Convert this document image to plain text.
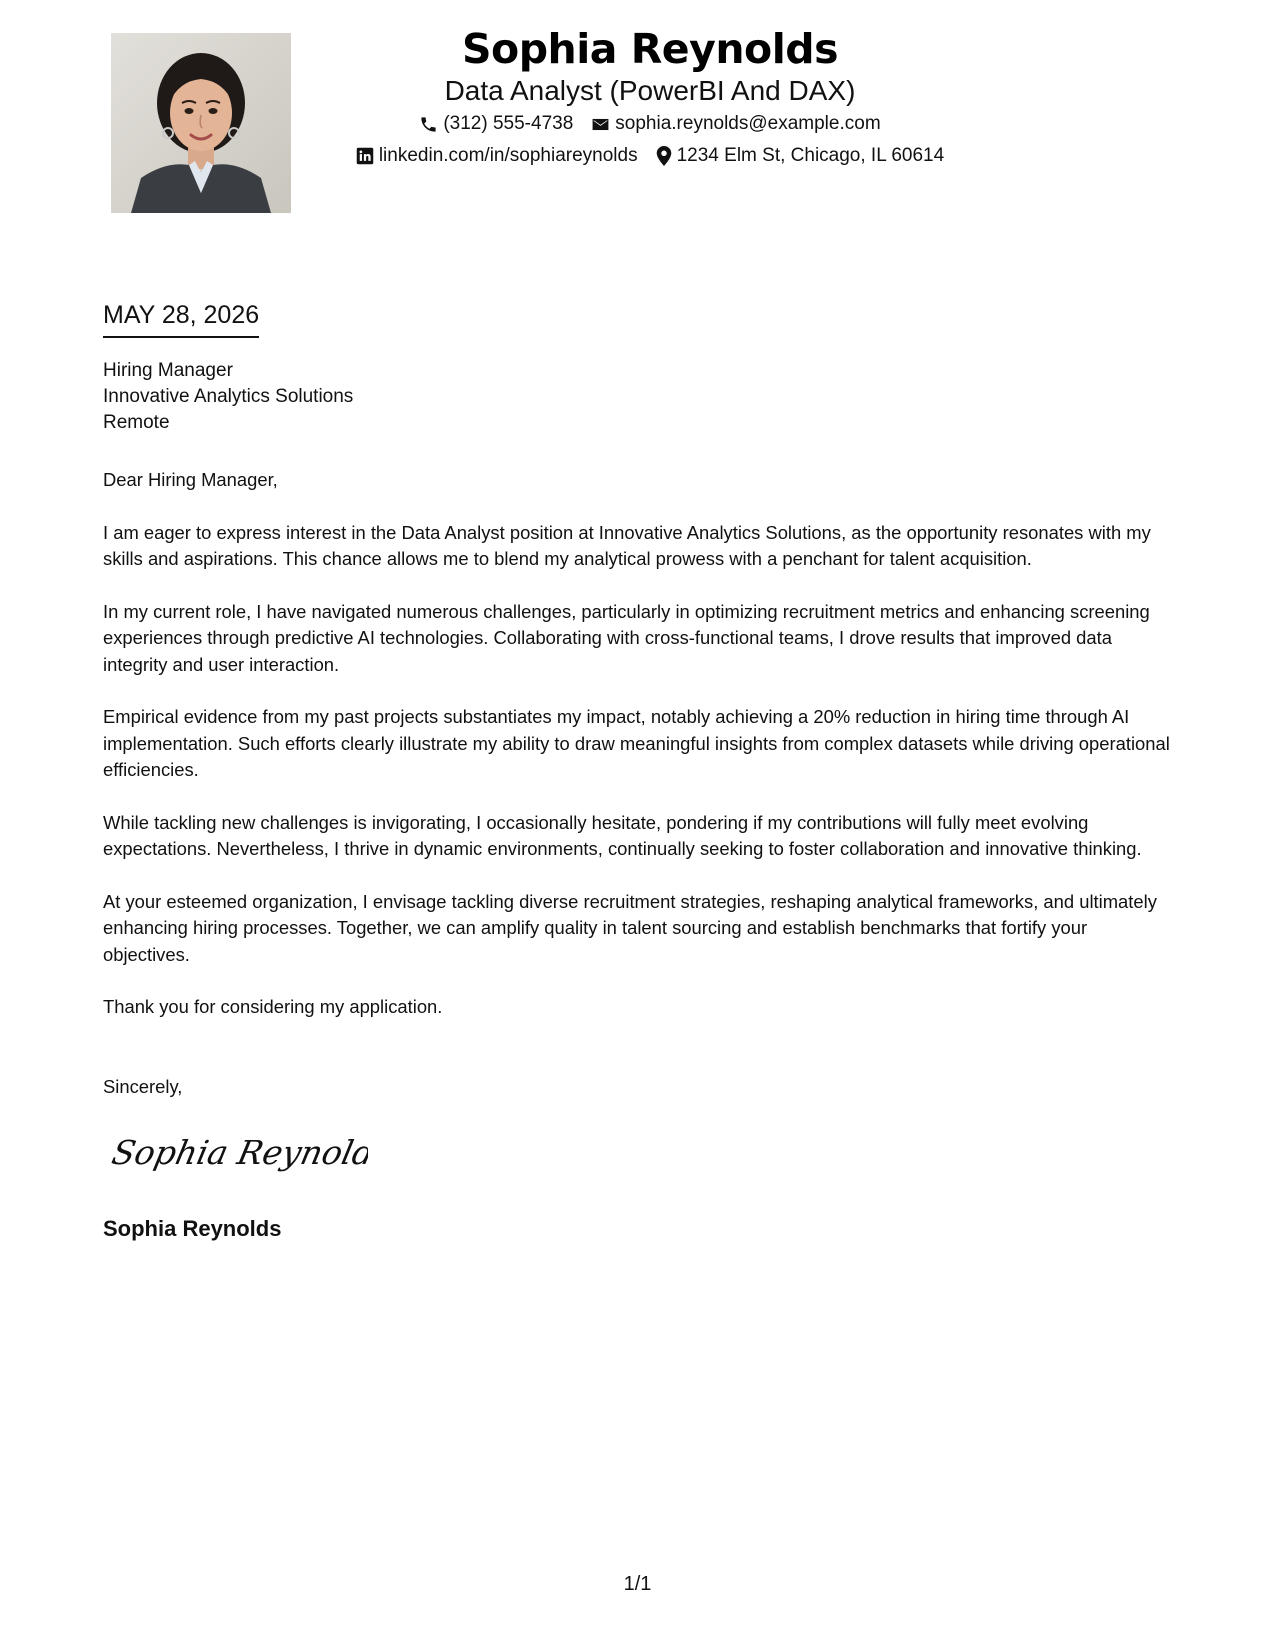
Sophia Reynolds
Data Analyst (PowerBI And DAX)
(312) 555-4738 sophia.reynolds@example.com
linkedin.com/in/sophiareynolds 1234 Elm St, Chicago, IL 60614
MAY 28, 2026
Hiring Manager
Innovative Analytics Solutions
Remote

Dear Hiring Manager,

I am eager to express interest in the Data Analyst position at Innovative Analytics Solutions, as the opportunity resonates with my skills and aspirations. This chance allows me to blend my analytical prowess with a penchant for talent acquisition.

In my current role, I have navigated numerous challenges, particularly in optimizing recruitment metrics and enhancing screening experiences through predictive AI technologies. Collaborating with cross-functional teams, I drove results that improved data integrity and user interaction.

Empirical evidence from my past projects substantiates my impact, notably achieving a 20% reduction in hiring time through AI implementation. Such efforts clearly illustrate my ability to draw meaningful insights from complex datasets while driving operational efficiencies.

While tackling new challenges is invigorating, I occasionally hesitate, pondering if my contributions will fully meet evolving expectations. Nevertheless, I thrive in dynamic environments, continually seeking to foster collaboration and innovative thinking.

At your esteemed organization, I envisage tackling diverse recruitment strategies, reshaping analytical frameworks, and ultimately enhancing hiring processes. Together, we can amplify quality in talent sourcing and establish benchmarks that fortify your objectives.

Thank you for considering my application.

Sincerely,
Sophia Reynolds
Sophia Reynolds
1/1
